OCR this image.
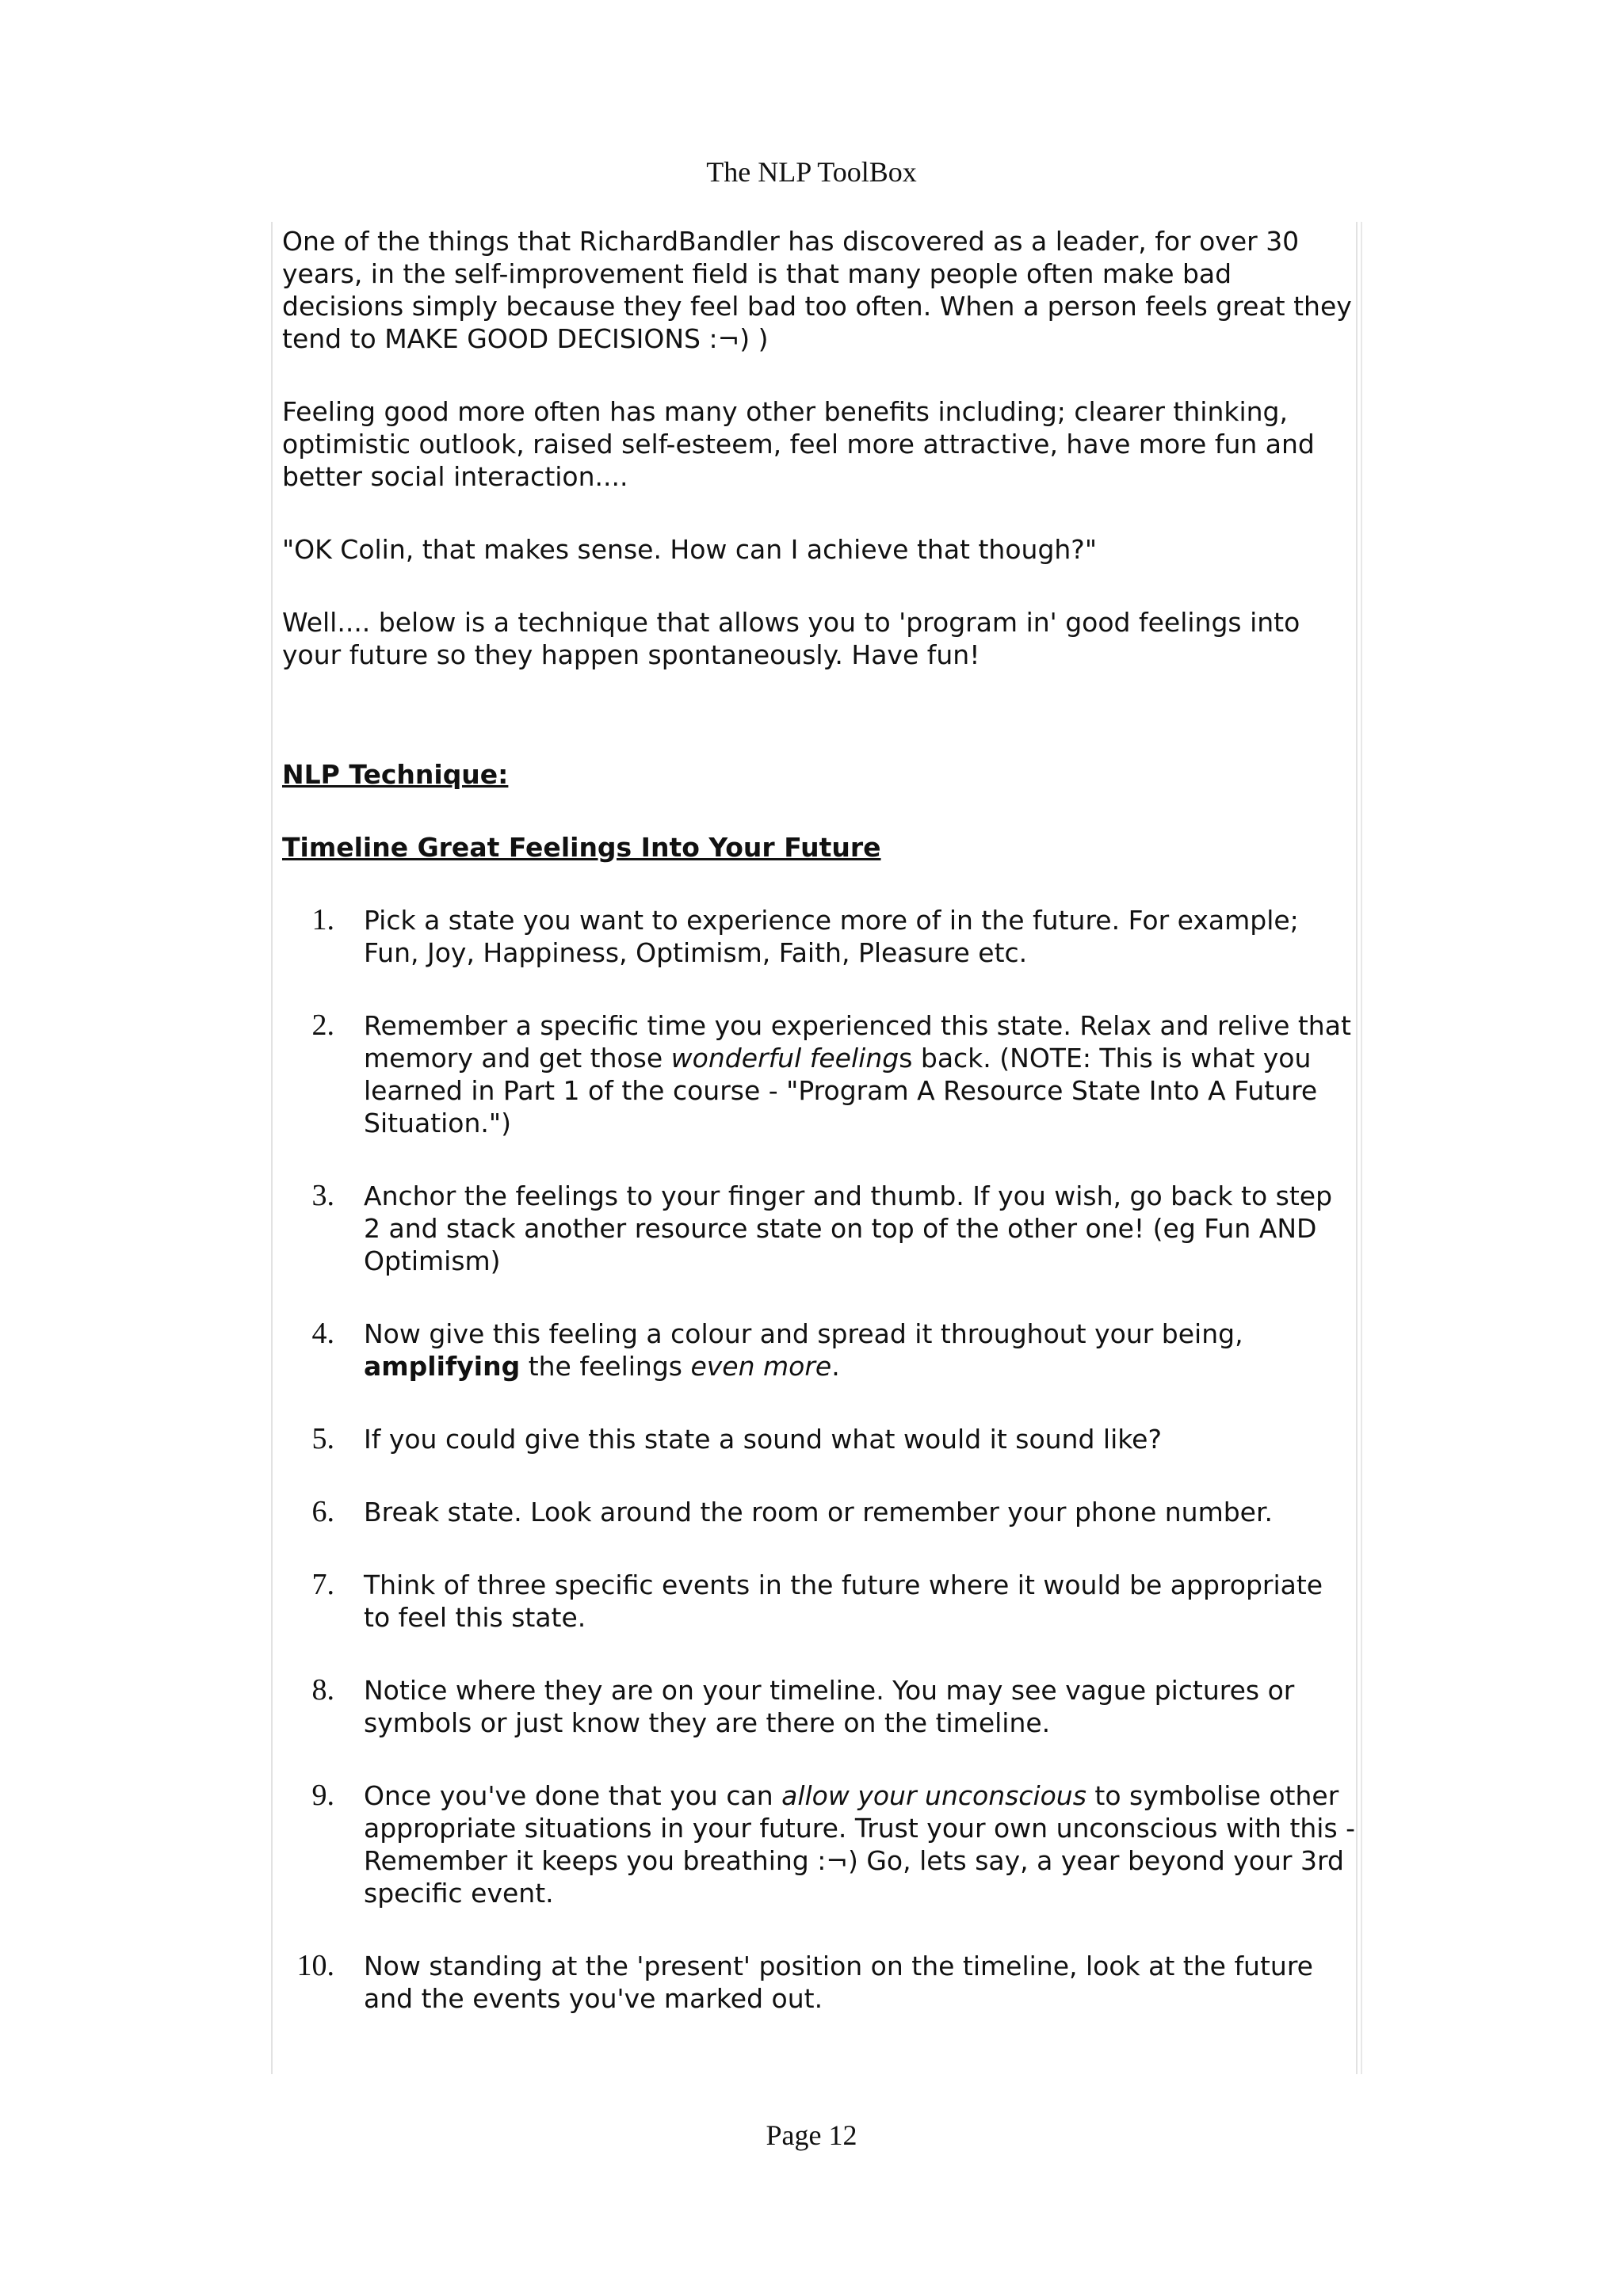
The NLP ToolBox

One of the things that RichardBandler has discovered as a leader, for over 30 years, in the self-improvement field is that many people often make bad decisions simply because they feel bad too often. When a person feels great they tend to MAKE GOOD DECISIONS :¬) )

Feeling good more often has many other benefits including; clearer thinking, optimistic outlook, raised self-esteem, feel more attractive, have more fun and better social interaction....

"OK Colin, that makes sense. How can I achieve that though?"

Well.... below is a technique that allows you to 'program in' good feelings into your future so they happen spontaneously. Have fun!

NLP Technique:
Timeline Great Feelings Into Your Future
1. Pick a state you want to experience more of in the future. For example; Fun, Joy, Happiness, Optimism, Faith, Pleasure etc.
2. Remember a specific time you experienced this state. Relax and relive that memory and get those wonderful feelings back. (NOTE: This is what you learned in Part 1 of the course - "Program A Resource State Into A Future Situation.")
3. Anchor the feelings to your finger and thumb. If you wish, go back to step 2 and stack another resource state on top of the other one! (eg Fun AND Optimism)
4. Now give this feeling a colour and spread it throughout your being, amplifying the feelings even more.
5. If you could give this state a sound what would it sound like?
6. Break state. Look around the room or remember your phone number.
7. Think of three specific events in the future where it would be appropriate to feel this state.
8. Notice where they are on your timeline. You may see vague pictures or symbols or just know they are there on the timeline.
9. Once you've done that you can allow your unconscious to symbolise other appropriate situations in your future. Trust your own unconscious with this - Remember it keeps you breathing :¬) Go, lets say, a year beyond your 3rd specific event.
10. Now standing at the 'present' position on the timeline, look at the future and the events you've marked out.
Page 12
